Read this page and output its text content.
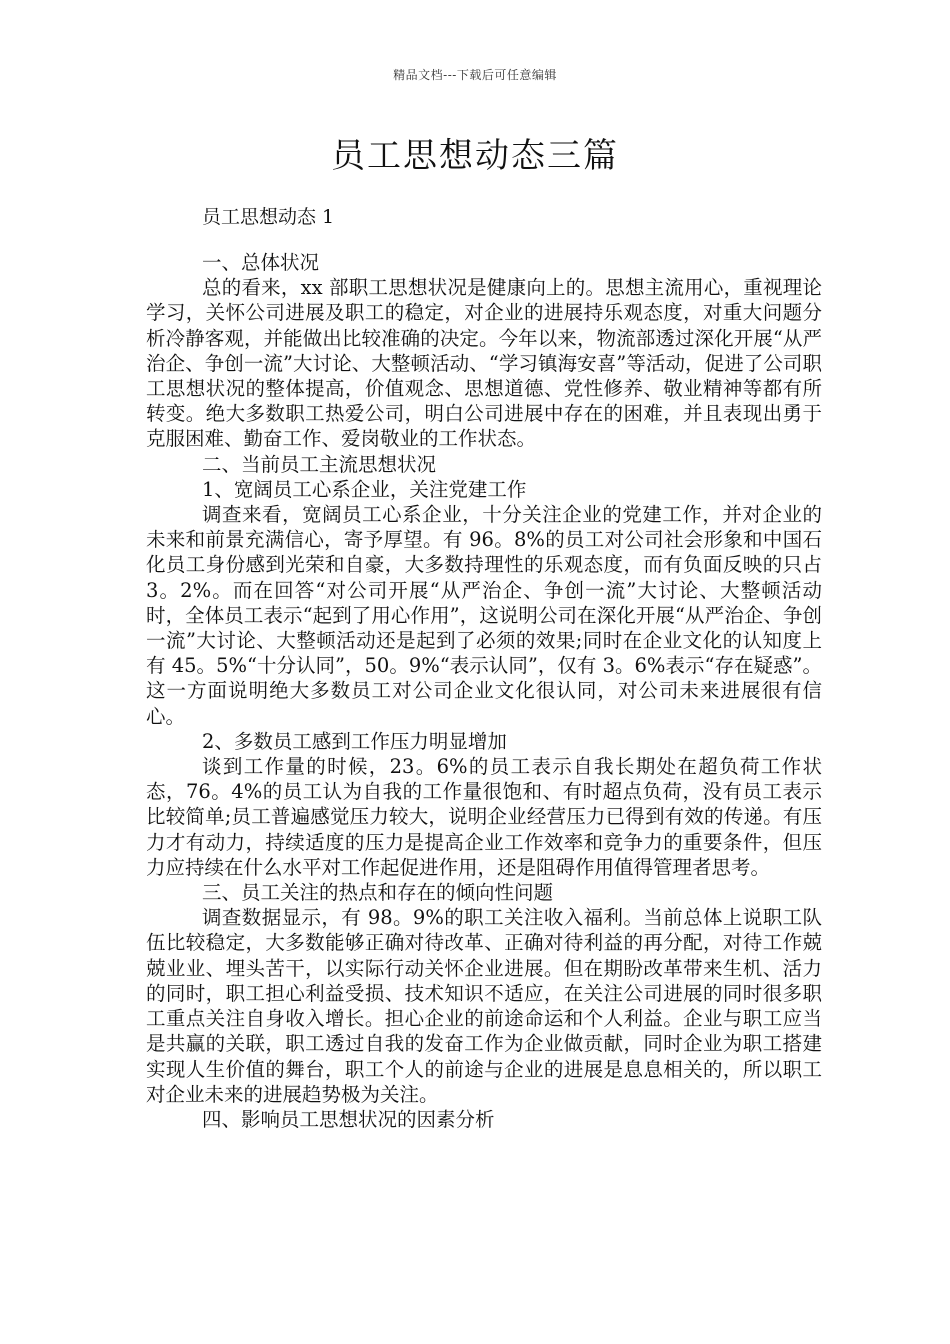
精品文档---下载后可任意编辑
员工思想动态三篇
员工思想动态 1

一、总体状况

总的看来，xx 部职工思想状况是健康向上的。思想主流用心，重视理论学习，关怀公司进展及职工的稳定，对企业的进展持乐观态度，对重大问题分析冷静客观，并能做出比较准确的决定。今年以来，物流部透过深化开展“从严治企、争创一流”大讨论、大整顿活动、“学习镇海安喜”等活动，促进了公司职工思想状况的整体提高，价值观念、思想道德、党性修养、敬业精神等都有所转变。绝大多数职工热爱公司，明白公司进展中存在的困难，并且表现出勇于克服困难、勤奋工作、爱岗敬业的工作状态。

二、当前员工主流思想状况

1、宽阔员工心系企业，关注党建工作

调查来看，宽阔员工心系企业，十分关注企业的党建工作，并对企业的未来和前景充满信心，寄予厚望。有 96。8%的员工对公司社会形象和中国石化员工身份感到光荣和自豪，大多数持理性的乐观态度，而有负面反映的只占 3。2%。而在回答“对公司开展“从严治企、争创一流”大讨论、大整顿活动时，全体员工表示“起到了用心作用”，这说明公司在深化开展“从严治企、争创一流”大讨论、大整顿活动还是起到了必须的效果;同时在企业文化的认知度上有 45。5%“十分认同”，50。9%“表示认同”，仅有 3。6%表示“存在疑惑”。这一方面说明绝大多数员工对公司企业文化很认同，对公司未来进展很有信心。

2、多数员工感到工作压力明显增加

谈到工作量的时候，23。6%的员工表示自我长期处在超负荷工作状态，76。4%的员工认为自我的工作量很饱和、有时超点负荷，没有员工表示比较简单;员工普遍感觉压力较大，说明企业经营压力已得到有效的传递。有压力才有动力，持续适度的压力是提高企业工作效率和竞争力的重要条件，但压力应持续在什么水平对工作起促进作用，还是阻碍作用值得管理者思考。

三、员工关注的热点和存在的倾向性问题

调查数据显示，有 98。9%的职工关注收入福利。当前总体上说职工队伍比较稳定，大多数能够正确对待改革、正确对待利益的再分配，对待工作兢兢业业、埋头苦干，以实际行动关怀企业进展。但在期盼改革带来生机、活力的同时，职工担心利益受损、技术知识不适应，在关注公司进展的同时很多职工重点关注自身收入增长。担心企业的前途命运和个人利益。企业与职工应当是共赢的关联，职工透过自我的发奋工作为企业做贡献，同时企业为职工搭建实现人生价值的舞台，职工个人的前途与企业的进展是息息相关的，所以职工对企业未来的进展趋势极为关注。

四、影响员工思想状况的因素分析
